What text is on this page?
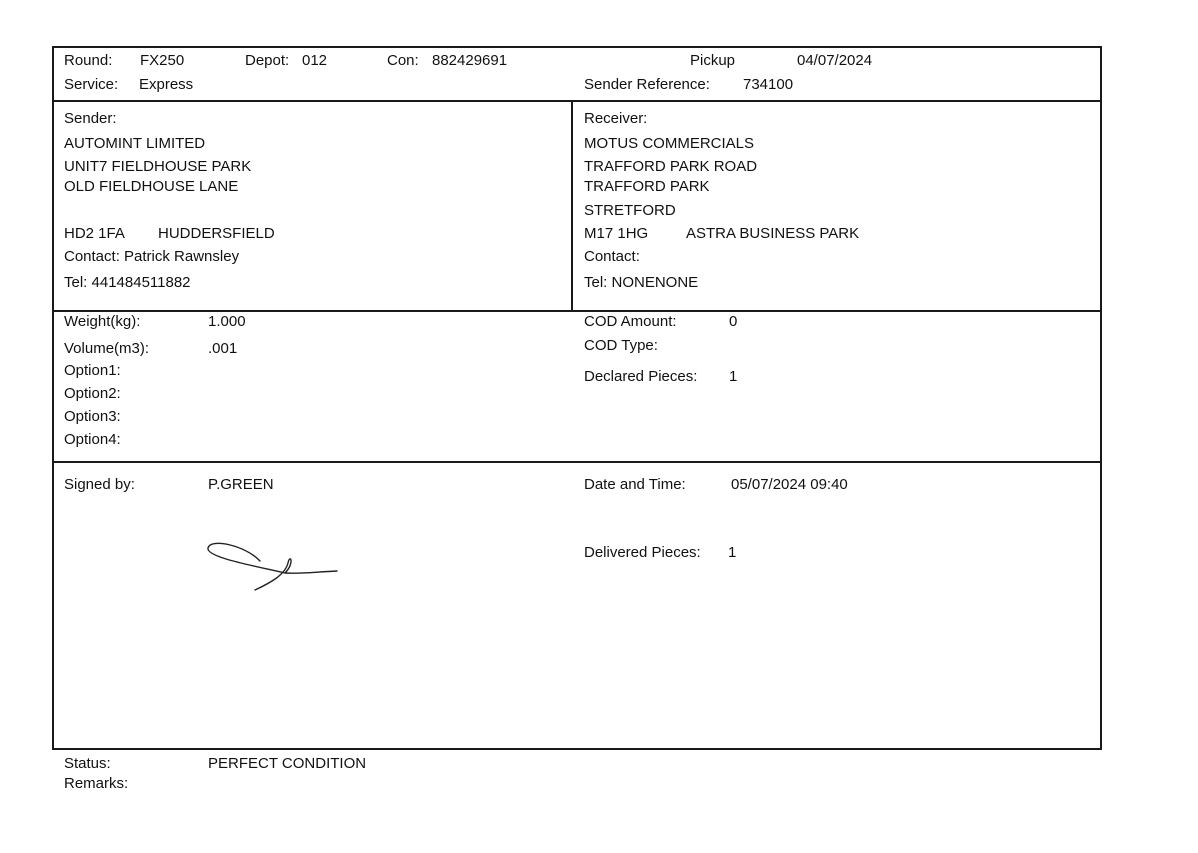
Round: FX250	Depot: 012	Con: 882429691	Pickup	04/07/2024
Service: Express	Sender Reference: 734100
Sender:
AUTOMINT LIMITED
UNIT7 FIELDHOUSE PARK
OLD FIELDHOUSE LANE
HD2 1FA HUDDERSFIELD
Contact: Patrick Rawnsley
Tel: 441484511882
Receiver:
MOTUS COMMERCIALS
TRAFFORD PARK ROAD
TRAFFORD PARK
STRETFORD
M17 1HG	ASTRA BUSINESS PARK
Contact:
Tel: NONENONE
Weight(kg):	1.000
Volume(m3):	.001
Option1:
Option2:
Option3:
Option4:
COD Amount:	0
COD Type:
Declared Pieces: 1
Signed by:	P.GREEN	Date and Time:	05/07/2024 09:40
Delivered Pieces: 1
Status:	PERFECT CONDITION
Remarks:
